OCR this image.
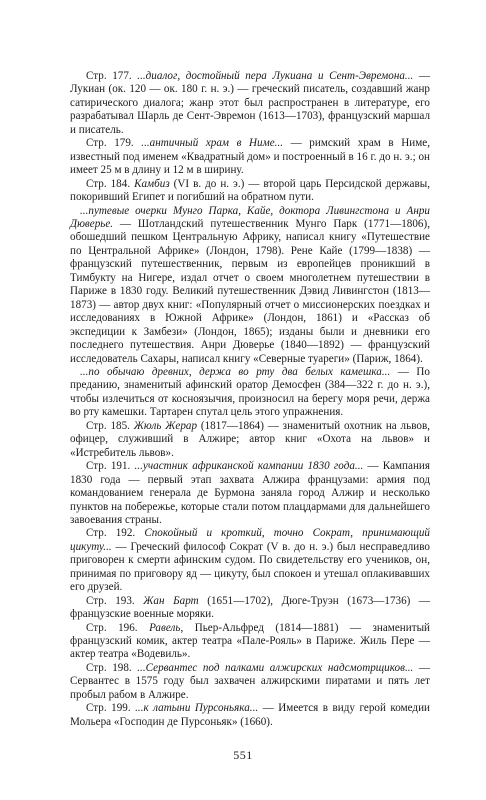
Стр. 177. ...диалог, достойный пера Лукиана и Сент-Эвремона... — Лукиан (ок. 120 — ок. 180 г. н. э.) — греческий писатель, создавший жанр сатирического диалога; жанр этот был распространен в литературе, его разрабатывал Шарль де Сент-Эвремон (1613—1703), французский маршал и писатель.

Стр. 179. ...античный храм в Ниме... — римский храм в Ниме, известный под именем «Квадратный дом» и построенный в 16 г. до н. э.; он имеет 25 м в длину и 12 м в ширину.

Стр. 184. Камбиз (VI в. до н. э.) — второй царь Персидской державы, покоривший Египет и погибший на обратном пути.

...путевые очерки Мунго Парка, Кайе, доктора Ливингстона и Анри Дюверье. — Шотландский путешественник Мунго Парк (1771—1806), обошедший пешком Центральную Африку, написал книгу «Путешествие по Центральной Африке» (Лондон, 1798). Рене Кайе (1799—1838) — французский путешественник, первым из европейцев проникший в Тимбукту на Нигере, издал отчет о своем многолетнем путешествии в Париже в 1830 году. Великий путешественник Дэвид Ливингстон (1813—1873) — автор двух книг: «Популярный отчет о миссионерских поездках и исследованиях в Южной Африке» (Лондон, 1861) и «Рассказ об экспедиции к Замбези» (Лондон, 1865); изданы были и дневники его последнего путешествия. Анри Дюверье (1840—1892) — французский исследователь Сахары, написал книгу «Северные туареги» (Париж, 1864).

...по обычаю древних, держа во рту два белых камешка... — По преданию, знаменитый афинский оратор Демосфен (384—322 г. до н. э.), чтобы излечиться от косноязычия, произносил на берегу моря речи, держа во рту камешки. Тартарен спутал цель этого упражнения.

Стр. 185. Жюль Жерар (1817—1864) — знаменитый охотник на львов, офицер, служивший в Алжире; автор книг «Охота на львов» и «Истребитель львов».

Стр. 191. ...участник африканской кампании 1830 года... — Кампания 1830 года — первый этап захвата Алжира французами: армия под командованием генерала де Бурмона заняла город Алжир и несколько пунктов на побережье, которые стали потом плацдармами для дальнейшего завоевания страны.

Стр. 192. Спокойный и кроткий, точно Сократ, принимающий цикуту... — Греческий философ Сократ (V в. до н. э.) был несправедливо приговорен к смерти афинским судом. По свидетельству его учеников, он, принимая по приговору яд — цикуту, был спокоен и утешал оплакивавших его друзей.

Стр. 193. Жан Барт (1651—1702), Дюге-Труэн (1673—1736) — французские военные моряки.

Стр. 196. Равель, Пьер-Альфред (1814—1881) — знаменитый французский комик, актер театра «Пале-Рояль» в Париже. Жиль Пере — актер театра «Водевиль».

Стр. 198. ...Сервантес под палками алжирских надсмотрщиков... — Сервантес в 1575 году был захвачен алжирскими пиратами и пять лет пробыл рабом в Алжире.

Стр. 199. ...к латыни Пурсоньяка... — Имеется в виду герой комедии Мольера «Господин де Пурсоньяк» (1660).

551
